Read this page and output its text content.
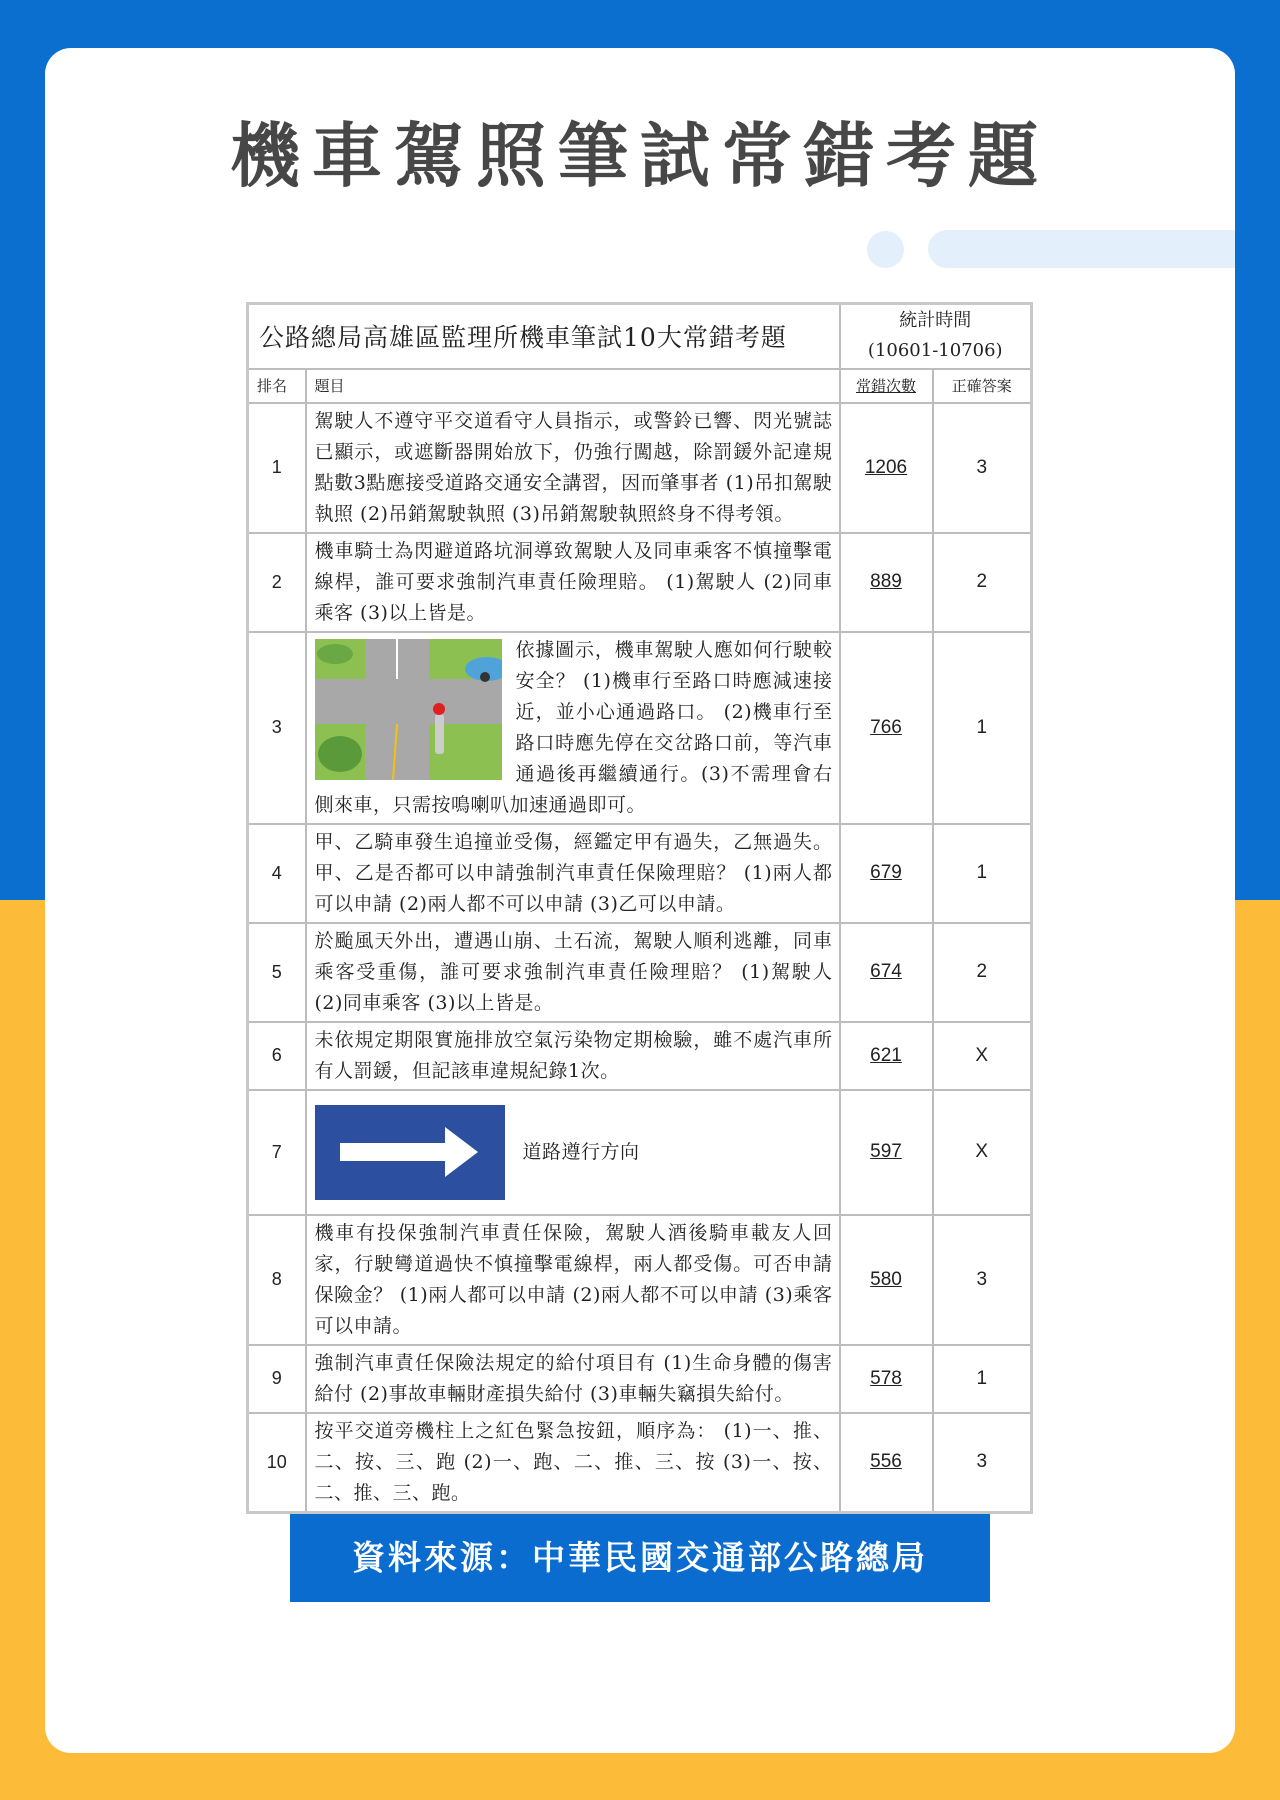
機車駕照筆試常錯考題
公路總局高雄區監理所機車筆試10大常錯考題		統計時間
(10601-10706)	

排名	題目	常錯次數	正確答案
1	駕駛人不遵守平交道看守人員指示，或警鈴已響、閃光號誌已顯示，或遮斷器開始放下，仍強行闖越，除罰鍰外記違規點數3點應接受道路交通安全講習，因而肇事者 (1)吊扣駕駛執照 (2)吊銷駕駛執照 (3)吊銷駕駛執照終身不得考領。	1206	3
2	機車騎士為閃避道路坑洞導致駕駛人及同車乘客不慎撞擊電線桿，誰可要求強制汽車責任險理賠。 (1)駕駛人 (2)同車乘客 (3)以上皆是。	889	2
3	依據圖示，機車駕駛人應如何行駛較安全？ (1)機車行至路口時應減速接近，並小心通過路口。 (2)機車行至路口時應先停在交岔路口前，等汽車通過後再繼續通行。(3)不需理會右側來車，只需按鳴喇叭加速通過即可。	766	1
4	甲、乙騎車發生追撞並受傷，經鑑定甲有過失，乙無過失。甲、乙是否都可以申請強制汽車責任保險理賠？ (1)兩人都可以申請 (2)兩人都不可以申請 (3)乙可以申請。	679	1
5	於颱風天外出，遭遇山崩、土石流，駕駛人順利逃離，同車乘客受重傷，誰可要求強制汽車責任險理賠？ (1)駕駛人 (2)同車乘客 (3)以上皆是。	674	2
6	未依規定期限實施排放空氣污染物定期檢驗，雖不處汽車所有人罰鍰，但記該車違規紀錄1次。	621	X
7	道路遵行方向	597	X
8	機車有投保強制汽車責任保險，駕駛人酒後騎車載友人回家，行駛彎道過快不慎撞擊電線桿，兩人都受傷。可否申請保險金？ (1)兩人都可以申請 (2)兩人都不可以申請 (3)乘客可以申請。	580	3
9	強制汽車責任保險法規定的給付項目有 (1)生命身體的傷害給付 (2)事故車輛財產損失給付 (3)車輛失竊損失給付。	578	1
10	按平交道旁機柱上之紅色緊急按鈕，順序為： (1)一、推、二、按、三、跑 (2)一、跑、二、推、三、按 (3)一、按、二、推、三、跑。	556	3
資料來源：中華民國交通部公路總局
